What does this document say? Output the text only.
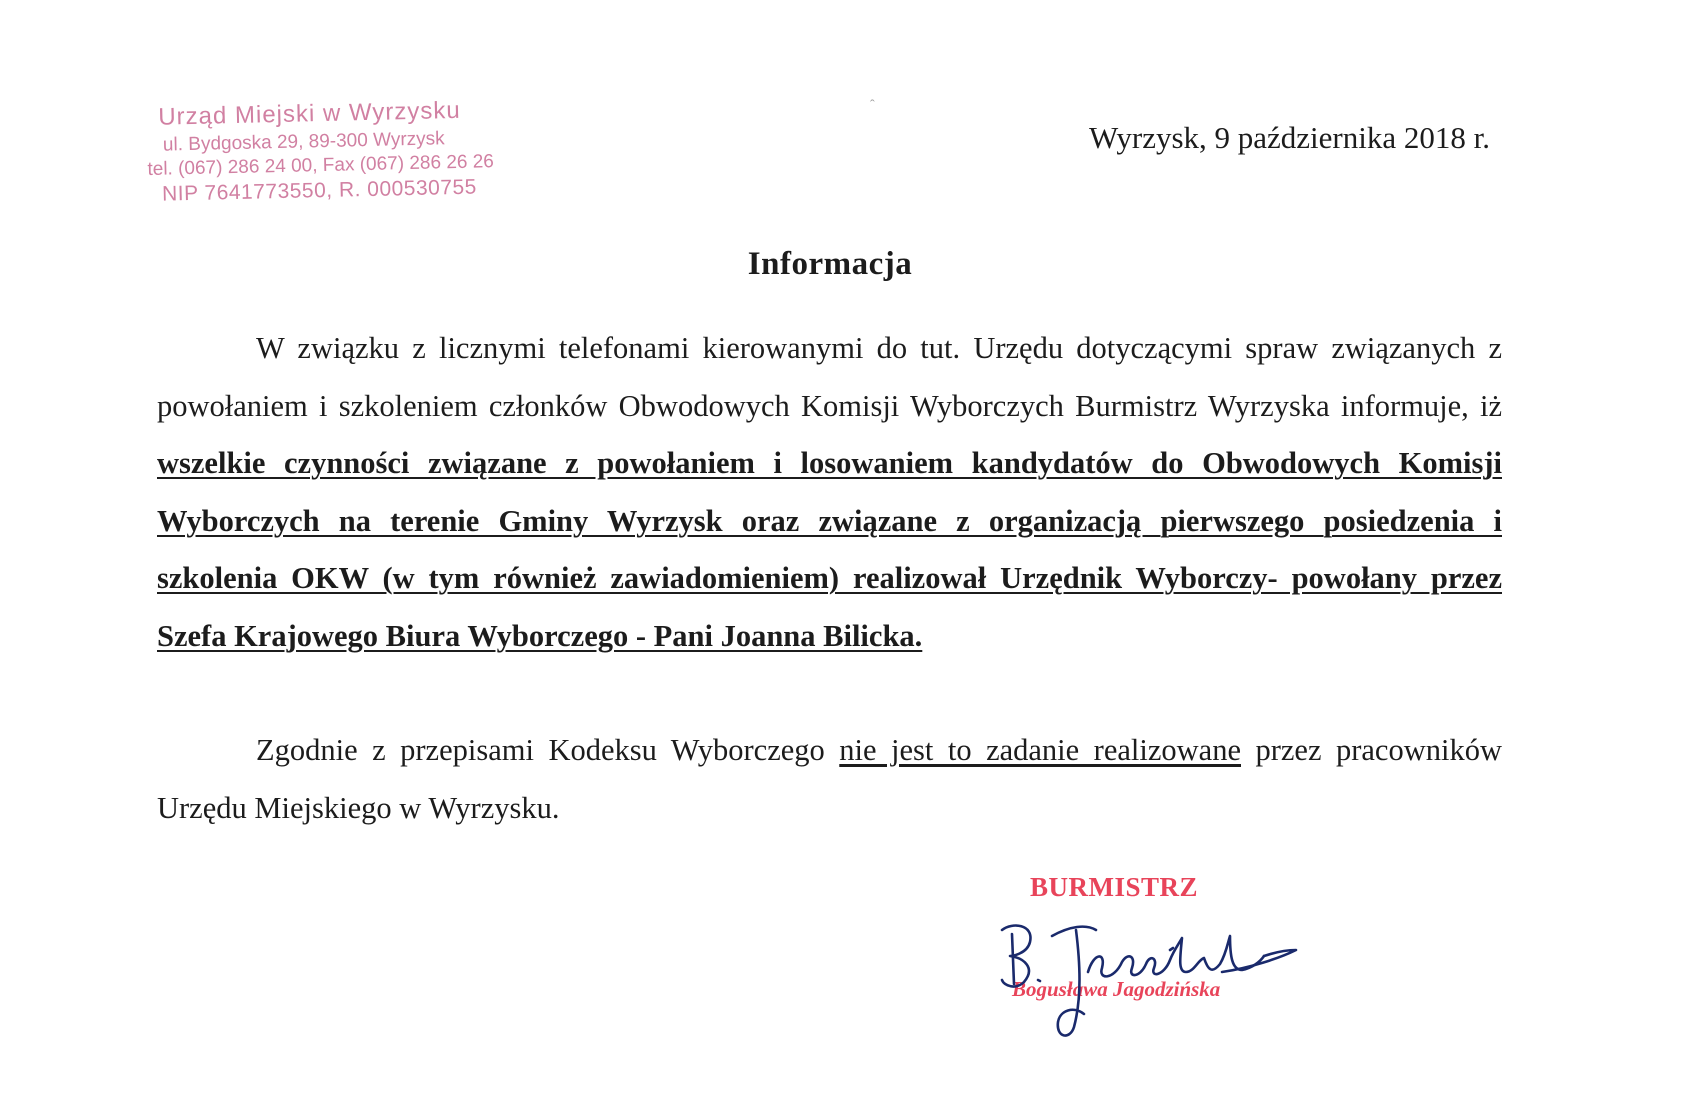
Urząd Miejski w Wyrzysku
ul. Bydgoska 29, 89-300 Wyrzysk
tel. (067) 286 24 00, Fax (067) 286 26 26
NIP 7641773550, R. 000530755
Wyrzysk, 9 października 2018 r.
Informacja
W związku z licznymi telefonami kierowanymi do tut. Urzędu dotyczącymi spraw związanych z powołaniem i szkoleniem członków Obwodowych Komisji Wyborczych Burmistrz Wyrzyska informuje, iż wszelkie czynności związane z powołaniem i losowaniem kandydatów do Obwodowych Komisji Wyborczych na terenie Gminy Wyrzysk oraz związane z organizacją pierwszego posiedzenia i szkolenia OKW (w tym również zawiadomieniem) realizował Urzędnik Wyborczy- powołany przez Szefa Krajowego Biura Wyborczego - Pani Joanna Bilicka.
Zgodnie z przepisami Kodeksu Wyborczego nie jest to zadanie realizowane przez pracowników Urzędu Miejskiego w Wyrzysku.
BURMISTRZ
Bogusława Jagodzińska
ˆ
